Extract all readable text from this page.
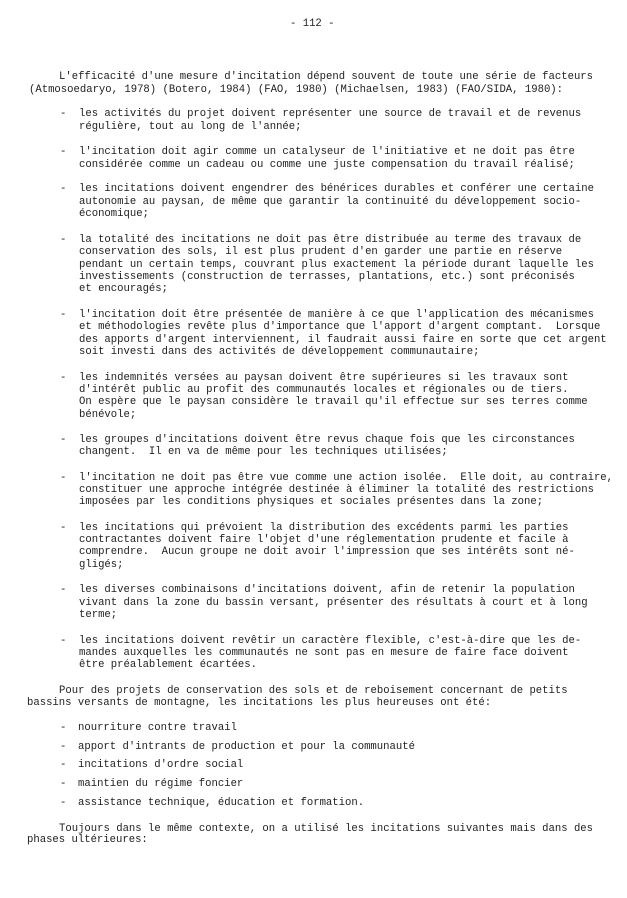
- 112 -
L'efficacité d'une mesure d'incitation dépend souvent de toute une série de facteurs
(Atmosoedaryo, 1978) (Botero, 1984) (FAO, 1980) (Michaelsen, 1983) (FAO/SIDA, 1980):
- les activités du projet doivent représenter une source de travail et de revenus
régulière, tout au long de l'année;
- l'incitation doit agir comme un catalyseur de l'initiative et ne doit pas être
considérée comme un cadeau ou comme une juste compensation du travail réalisé;
- les incitations doivent engendrer des bénérices durables et conférer une certaine
autonomie au paysan, de même que garantir la continuité du développement socio-
économique;
- la totalité des incitations ne doit pas être distribuée au terme des travaux de
conservation des sols, il est plus prudent d'en garder une partie en réserve
pendant un certain temps, couvrant plus exactement la période durant laquelle les
investissements (construction de terrasses, plantations, etc.) sont préconisés
et encouragés;
- l'incitation doit être présentée de manière à ce que l'application des mécanismes
et méthodologies revête plus d'importance que l'apport d'argent comptant.  Lorsque
des apports d'argent interviennent, il faudrait aussi faire en sorte que cet argent
soit investi dans des activités de développement communautaire;
- les indemnités versées au paysan doivent être supérieures si les travaux sont
d'intérêt public au profit des communautés locales et régionales ou de tiers.
On espère que le paysan considère le travail qu'il effectue sur ses terres comme
bénévole;
- les groupes d'incitations doivent être revus chaque fois que les circonstances
changent.  Il en va de même pour les techniques utilisées;
- l'incitation ne doit pas être vue comme une action isolée.  Elle doit, au contraire,
constituer une approche intégrée destinée à éliminer la totalité des restrictions
imposées par les conditions physiques et sociales présentes dans la zone;
- les incitations qui prévoient la distribution des excédents parmi les parties
contractantes doivent faire l'objet d'une réglementation prudente et facile à
comprendre.  Aucun groupe ne doit avoir l'impression que ses intérêts sont né-
gligés;
- les diverses combinaisons d'incitations doivent, afin de retenir la population
vivant dans la zone du bassin versant, présenter des résultats à court et à long
terme;
- les incitations doivent revêtir un caractère flexible, c'est-à-dire que les de-
mandes auxquelles les communautés ne sont pas en mesure de faire face doivent
être préalablement écartées.
Pour des projets de conservation des sols et de reboisement concernant de petits
bassins versants de montagne, les incitations les plus heureuses ont été:
- nourriture contre travail
- apport d'intrants de production et pour la communauté
- incitations d'ordre social
- maintien du régime foncier
- assistance technique, éducation et formation.
Toujours dans le même contexte, on a utilisé les incitations suivantes mais dans des
phases ultérieures:
